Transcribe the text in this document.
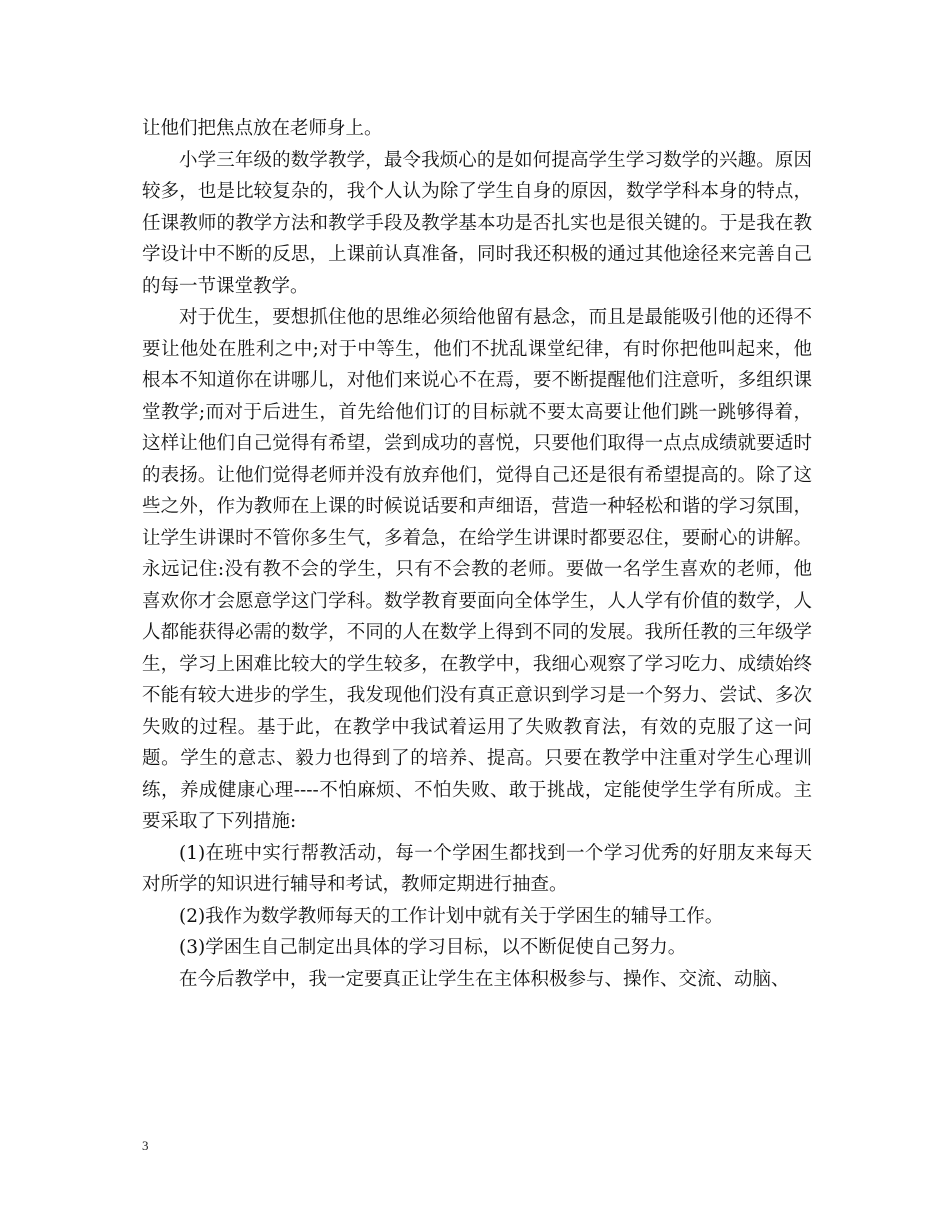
让他们把焦点放在老师身上。

小学三年级的数学教学，最令我烦心的是如何提高学生学习数学的兴趣。原因较多，也是比较复杂的，我个人认为除了学生自身的原因，数学学科本身的特点，任课教师的教学方法和教学手段及教学基本功是否扎实也是很关键的。于是我在教学设计中不断的反思，上课前认真准备，同时我还积极的通过其他途径来完善自己的每一节课堂教学。

对于优生，要想抓住他的思维必须给他留有悬念，而且是最能吸引他的还得不要让他处在胜利之中;对于中等生，他们不扰乱课堂纪律，有时你把他叫起来，他根本不知道你在讲哪儿，对他们来说心不在焉，要不断提醒他们注意听，多组织课堂教学;而对于后进生，首先给他们订的目标就不要太高要让他们跳一跳够得着，这样让他们自己觉得有希望，尝到成功的喜悦，只要他们取得一点点成绩就要适时的表扬。让他们觉得老师并没有放弃他们，觉得自己还是很有希望提高的。除了这些之外，作为教师在上课的时候说话要和声细语，营造一种轻松和谐的学习氛围，让学生讲课时不管你多生气，多着急，在给学生讲课时都要忍住，要耐心的讲解。永远记住:没有教不会的学生，只有不会教的老师。要做一名学生喜欢的老师，他喜欢你才会愿意学这门学科。数学教育要面向全体学生，人人学有价值的数学，人人都能获得必需的数学，不同的人在数学上得到不同的发展。我所任教的三年级学生，学习上困难比较大的学生较多，在教学中，我细心观察了学习吃力、成绩始终不能有较大进步的学生，我发现他们没有真正意识到学习是一个努力、尝试、多次失败的过程。基于此，在教学中我试着运用了失败教育法，有效的克服了这一问题。学生的意志、毅力也得到了的培养、提高。只要在教学中注重对学生心理训练，养成健康心理----不怕麻烦、不怕失败、敢于挑战，定能使学生学有所成。主要采取了下列措施:

(1)在班中实行帮教活动，每一个学困生都找到一个学习优秀的好朋友来每天对所学的知识进行辅导和考试，教师定期进行抽查。

(2)我作为数学教师每天的工作计划中就有关于学困生的辅导工作。

(3)学困生自己制定出具体的学习目标，以不断促使自己努力。

在今后教学中，我一定要真正让学生在主体积极参与、操作、交流、动脑、

3
